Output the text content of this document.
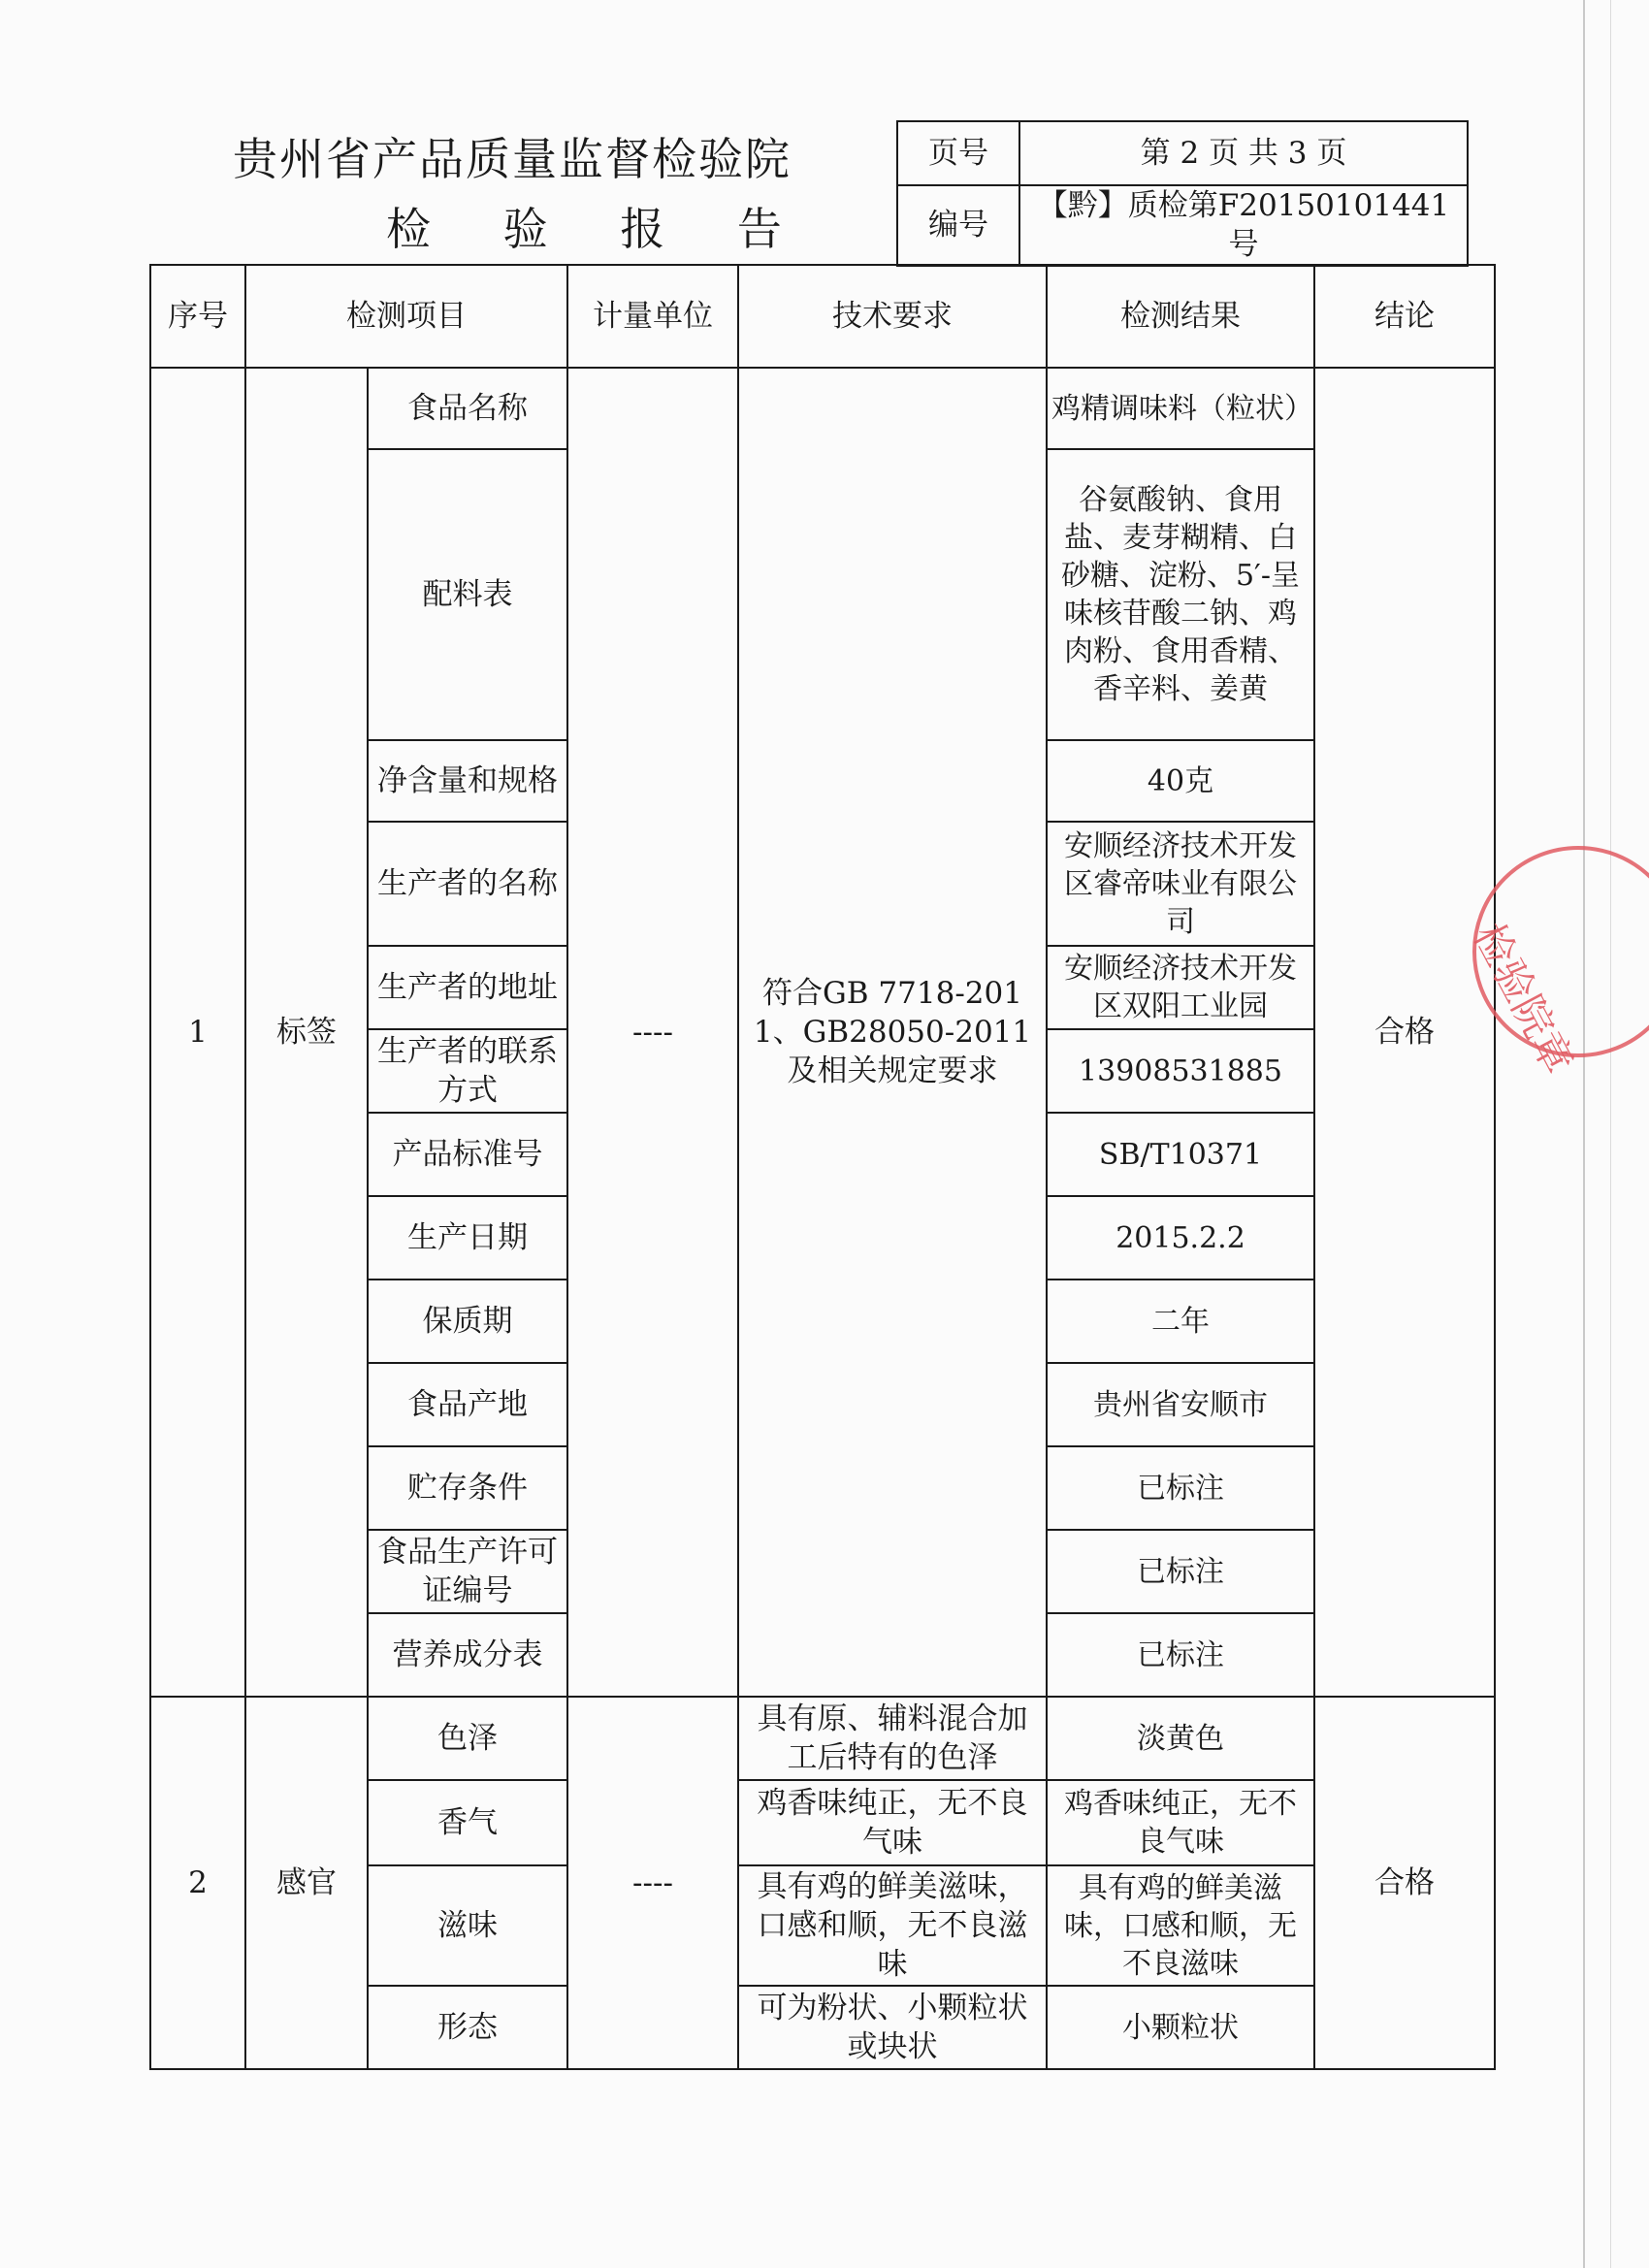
贵州省产品质量监督检验院
检 验 报 告
页号	第 2 页 共 3 页
编号	【黔】质检第F20150101441号
序号	检测项目		计量单位	技术要求	检测结果	结论
1	标签	食品名称	----	符合GB 7718-2011、GB28050-2011及相关规定要求	鸡精调味料（粒状）	合格
		配料表			谷氨酸钠、食用盐、麦芽糊精、白砂糖、淀粉、5′-呈味核苷酸二钠、鸡肉粉、食用香精、香辛料、姜黄	
		净含量和规格			40克	
		生产者的名称			安顺经济技术开发区睿帝味业有限公司	
		生产者的地址			安顺经济技术开发区双阳工业园	
		生产者的联系方式			13908531885	
		产品标准号			SB/T10371	
		生产日期			2015.2.2	
		保质期			二年	
		食品产地			贵州省安顺市	
		贮存条件			已标注	
		食品生产许可证编号			已标注	
		营养成分表			已标注	
2	感官	色泽	----	具有原、辅料混合加工后特有的色泽	淡黄色	合格
		香气		鸡香味纯正，无不良气味	鸡香味纯正，无不良气味	
		滋味		具有鸡的鲜美滋味，口感和顺，无不良滋味	具有鸡的鲜美滋味，口感和顺，无不良滋味	
		形态		可为粉状、小颗粒状或块状	小颗粒状	
检验院章
